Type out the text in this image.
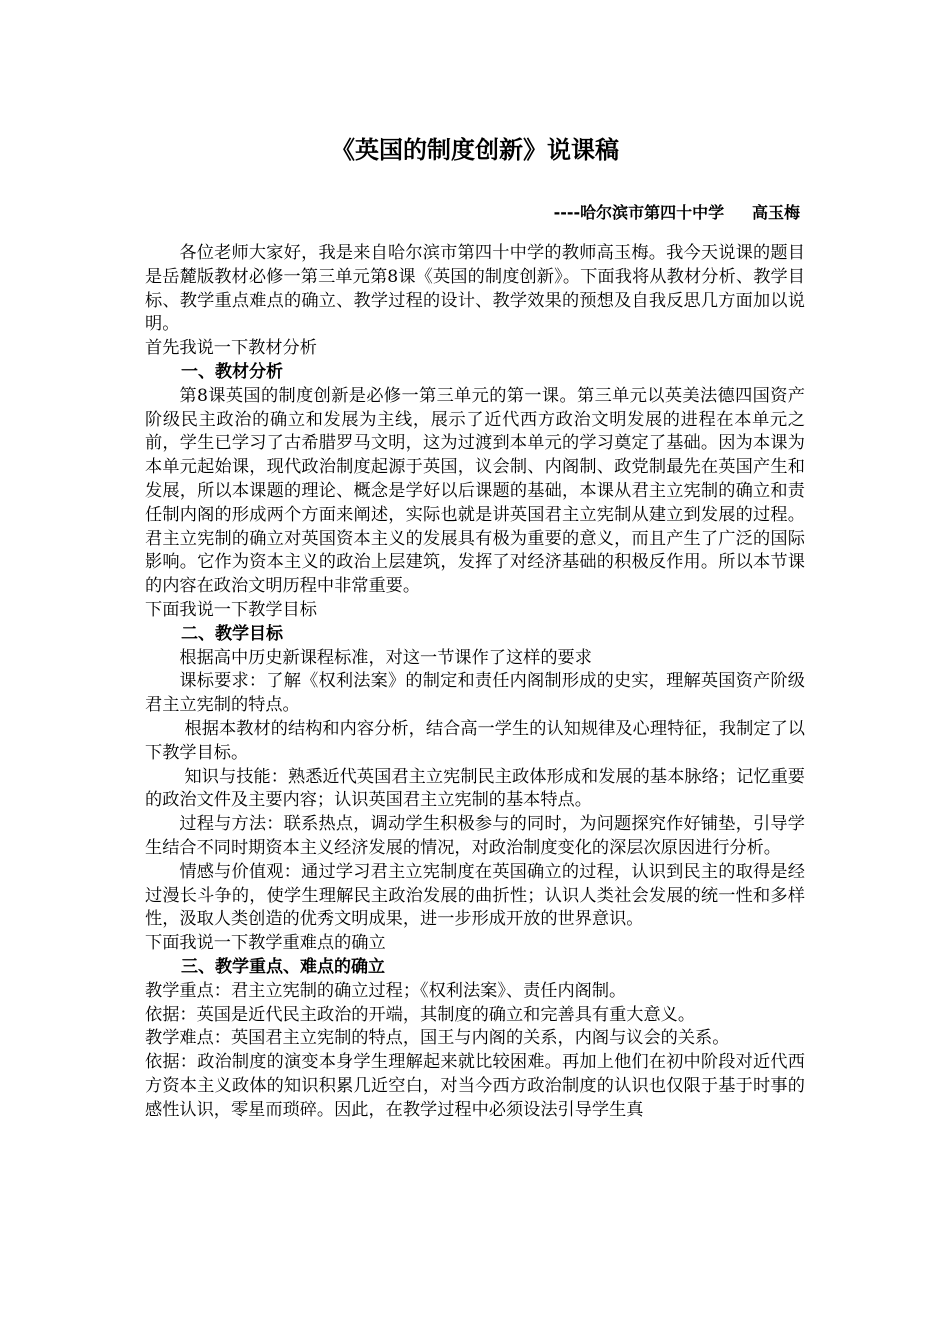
《英国的制度创新》说课稿
----哈尔滨市第四十中学     高玉梅

各位老师大家好，我是来自哈尔滨市第四十中学的教师高玉梅。我今天说课的题目是岳麓版教材必修一第三单元第8课《英国的制度创新》。下面我将从教材分析、教学目标、教学重点难点的确立、教学过程的设计、教学效果的预想及自我反思几方面加以说明。

首先我说一下教材分析

一、教材分析

第8课英国的制度创新是必修一第三单元的第一课。第三单元以英美法德四国资产阶级民主政治的确立和发展为主线，展示了近代西方政治文明发展的进程在本单元之前，学生已学习了古希腊罗马文明，这为过渡到本单元的学习奠定了基础。因为本课为本单元起始课，现代政治制度起源于英国，议会制、内阁制、政党制最先在英国产生和发展，所以本课题的理论、概念是学好以后课题的基础，本课从君主立宪制的确立和责任制内阁的形成两个方面来阐述，实际也就是讲英国君主立宪制从建立到发展的过程。君主立宪制的确立对英国资本主义的发展具有极为重要的意义，而且产生了广泛的国际影响。它作为资本主义的政治上层建筑，发挥了对经济基础的积极反作用。所以本节课的内容在政治文明历程中非常重要。

下面我说一下教学目标

二、教学目标

根据高中历史新课程标准，对这一节课作了这样的要求

课标要求：了解《权利法案》的制定和责任内阁制形成的史实，理解英国资产阶级君主立宪制的特点。

根据本教材的结构和内容分析，结合高一学生的认知规律及心理特征，我制定了以下教学目标。

知识与技能：熟悉近代英国君主立宪制民主政体形成和发展的基本脉络；记忆重要的政治文件及主要内容；认识英国君主立宪制的基本特点。

过程与方法：联系热点，调动学生积极参与的同时，为问题探究作好铺垫，引导学生结合不同时期资本主义经济发展的情况，对政治制度变化的深层次原因进行分析。

情感与价值观：通过学习君主立宪制度在英国确立的过程，认识到民主的取得是经过漫长斗争的，使学生理解民主政治发展的曲折性；认识人类社会发展的统一性和多样性，汲取人类创造的优秀文明成果，进一步形成开放的世界意识。

下面我说一下教学重难点的确立

三、教学重点、难点的确立

教学重点：君主立宪制的确立过程；《权利法案》、责任内阁制。

依据：英国是近代民主政治的开端，其制度的确立和完善具有重大意义。

教学难点：英国君主立宪制的特点，国王与内阁的关系，内阁与议会的关系。

依据：政治制度的演变本身学生理解起来就比较困难。再加上他们在初中阶段对近代西方资本主义政体的知识积累几近空白，对当今西方政治制度的认识也仅限于基于时事的感性认识，零星而琐碎。因此，在教学过程中必须设法引导学生真
